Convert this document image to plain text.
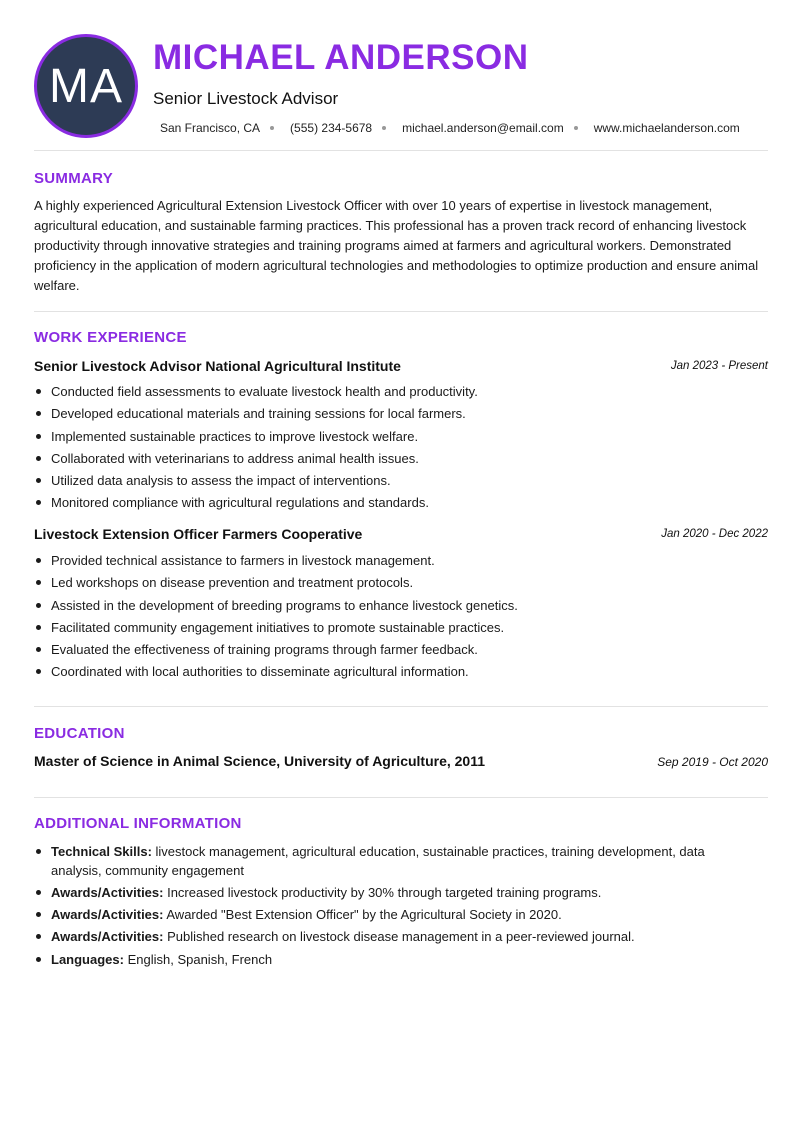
MA
MICHAEL ANDERSON
Senior Livestock Advisor
San Francisco, CA	(555) 234-5678	michael.anderson@email.com	www.michaelanderson.com
SUMMARY
A highly experienced Agricultural Extension Livestock Officer with over 10 years of expertise in livestock management, agricultural education, and sustainable farming practices. This professional has a proven track record of enhancing livestock productivity through innovative strategies and training programs aimed at farmers and agricultural workers. Demonstrated proficiency in the application of modern agricultural technologies and methodologies to optimize production and ensure animal welfare.
WORK EXPERIENCE
Senior Livestock Advisor National Agricultural Institute	Jan 2023 - Present
Conducted field assessments to evaluate livestock health and productivity.
Developed educational materials and training sessions for local farmers.
Implemented sustainable practices to improve livestock welfare.
Collaborated with veterinarians to address animal health issues.
Utilized data analysis to assess the impact of interventions.
Monitored compliance with agricultural regulations and standards.
Livestock Extension Officer Farmers Cooperative	Jan 2020 - Dec 2022
Provided technical assistance to farmers in livestock management.
Led workshops on disease prevention and treatment protocols.
Assisted in the development of breeding programs to enhance livestock genetics.
Facilitated community engagement initiatives to promote sustainable practices.
Evaluated the effectiveness of training programs through farmer feedback.
Coordinated with local authorities to disseminate agricultural information.
EDUCATION
Master of Science in Animal Science, University of Agriculture, 2011	Sep 2019 - Oct 2020
ADDITIONAL INFORMATION
Technical Skills: livestock management, agricultural education, sustainable practices, training development, data analysis, community engagement
Awards/Activities: Increased livestock productivity by 30% through targeted training programs.
Awards/Activities: Awarded "Best Extension Officer" by the Agricultural Society in 2020.
Awards/Activities: Published research on livestock disease management in a peer-reviewed journal.
Languages: English, Spanish, French
